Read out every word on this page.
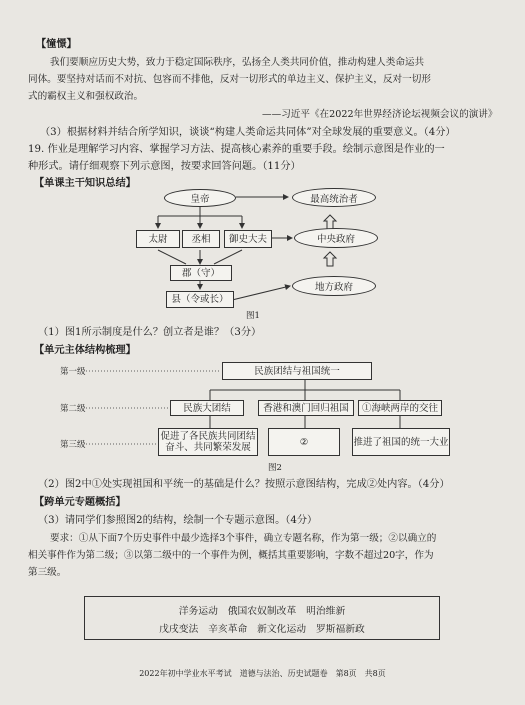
【憧憬】
我们要顺应历史大势，致力于稳定国际秩序，弘扬全人类共同价值，推动构建人类命运共
同体。要坚持对话而不对抗、包容而不排他，反对一切形式的单边主义、保护主义，反对一切形
式的霸权主义和强权政治。
——习近平《在2022年世界经济论坛视频会议的演讲》
（3）根据材料并结合所学知识，谈谈“构建人类命运共同体”对全球发展的重要意义。（4分）
19. 作业是理解学习内容、掌握学习方法、提高核心素养的重要手段。绘制示意图是作业的一
种形式。请仔细观察下列示意图，按要求回答问题。（11分）
【单课主干知识总结】
皇帝	最高统治者
太尉	丞相	御史大夫	中央政府
郡（守）
县（令或长）
地方政府
图1
（1）图1所示制度是什么？创立者是谁？（3分）
【单元主体结构梳理】
第一级
第二级
第三级
民族团结与祖国统一
民族大团结	香港和澳门回归祖国	①海峡两岸的交往
促进了各民族共同团结
奋斗、共同繁荣发展	②	推进了祖国的统一大业
图2
（2）图2中①处实现祖国和平统一的基础是什么？按照示意图结构，完成②处内容。（4分）
【跨单元专题概括】
（3）请同学们参照图2的结构，绘制一个专题示意图。（4分）
要求：①从下面7个历史事件中最少选择3个事件，确立专题名称，作为第一级；②以确立的
相关事件作为第二级；③以第二级中的一个事件为例，概括其重要影响，字数不超过20字，作为
第三级。
洋务运动　俄国农奴制改革　明治维新
戊戌变法　辛亥革命　新文化运动　罗斯福新政
2022年初中学业水平考试　道德与法治、历史试题卷　第8页　共8页
